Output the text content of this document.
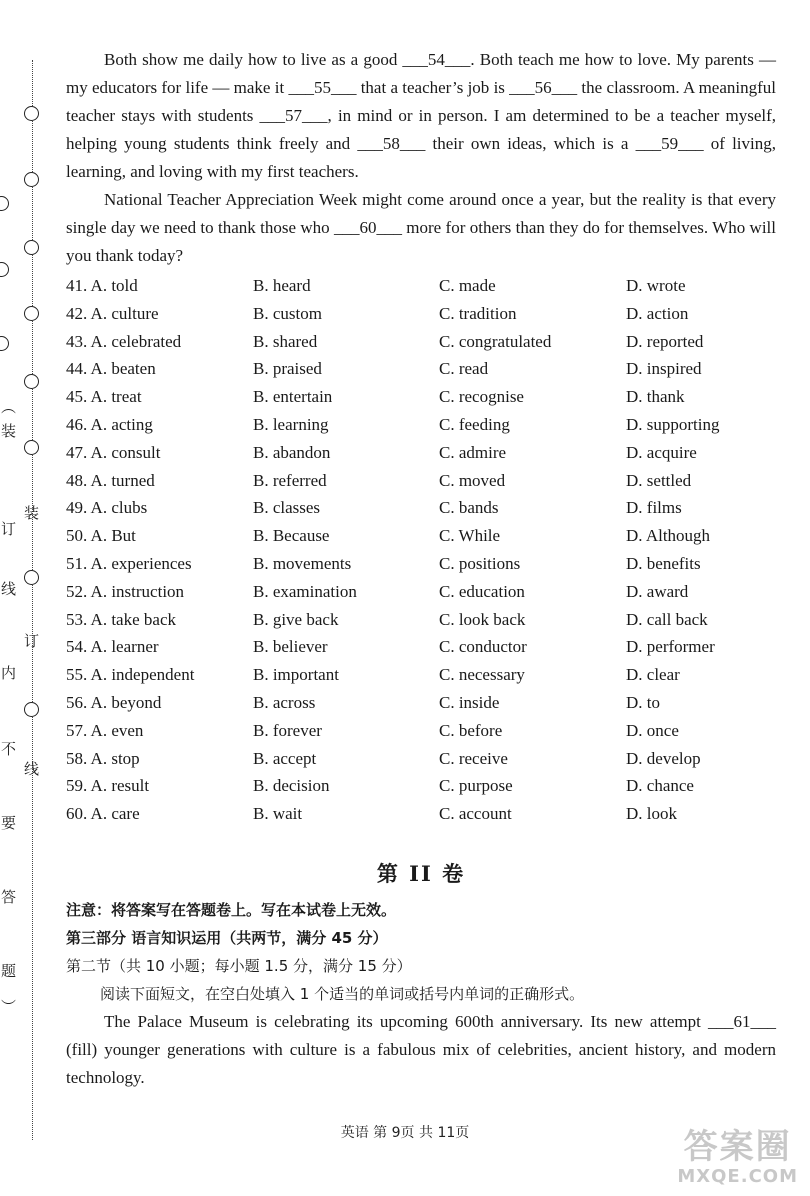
︵
装
订
线
内
不
要
答
题
︶
装
订
线

Both show me daily how to live as a good ___54___. Both teach me how to love. My parents — my educators for life — make it ___55___ that a teacher’s job is ___56___ the classroom. A meaningful teacher stays with students ___57___, in mind or in person. I am determined to be a teacher myself, helping young students think freely and ___58___ their own ideas, which is a ___59___ of living, learning, and loving with my first teachers.

National Teacher Appreciation Week might come around once a year, but the reality is that every single day we need to thank those who ___60___ more for others than they do for themselves. Who will you thank today?

41. A. told	B. heard	C. made	D. wrote
42. A. culture	B. custom	C. tradition	D. action
43. A. celebrated	B. shared	C. congratulated	D. reported
44. A. beaten	B. praised	C. read	D. inspired
45. A. treat	B. entertain	C. recognise	D. thank
46. A. acting	B. learning	C. feeding	D. supporting
47. A. consult	B. abandon	C. admire	D. acquire
48. A. turned	B. referred	C. moved	D. settled
49. A. clubs	B. classes	C. bands	D. films
50. A. But	B. Because	C. While	D. Although
51. A. experiences	B. movements	C. positions	D. benefits
52. A. instruction	B. examination	C. education	D. award
53. A. take back	B. give back	C. look back	D. call back
54. A. learner	B. believer	C. conductor	D. performer
55. A. independent	B. important	C. necessary	D. clear
56. A. beyond	B. across	C. inside	D. to
57. A. even	B. forever	C. before	D. once
58. A. stop	B. accept	C. receive	D. develop
59. A. result	B. decision	C. purpose	D. chance
60. A. care	B. wait	C. account	D. look
第 II 卷

注意：将答案写在答题卷上。写在本试卷上无效。

第三部分 语言知识运用（共两节，满分 45 分）

第二节（共 10 小题；每小题 1.5 分，满分 15 分）

阅读下面短文，在空白处填入 1 个适当的单词或括号内单词的正确形式。

The Palace Museum is celebrating its upcoming 600th anniversary. Its new attempt ___61___ (fill) younger generations with culture is a fabulous mix of celebrities, ancient history, and modern technology.

英语 第 9页 共 11页	答案圈
MXQE.COM
